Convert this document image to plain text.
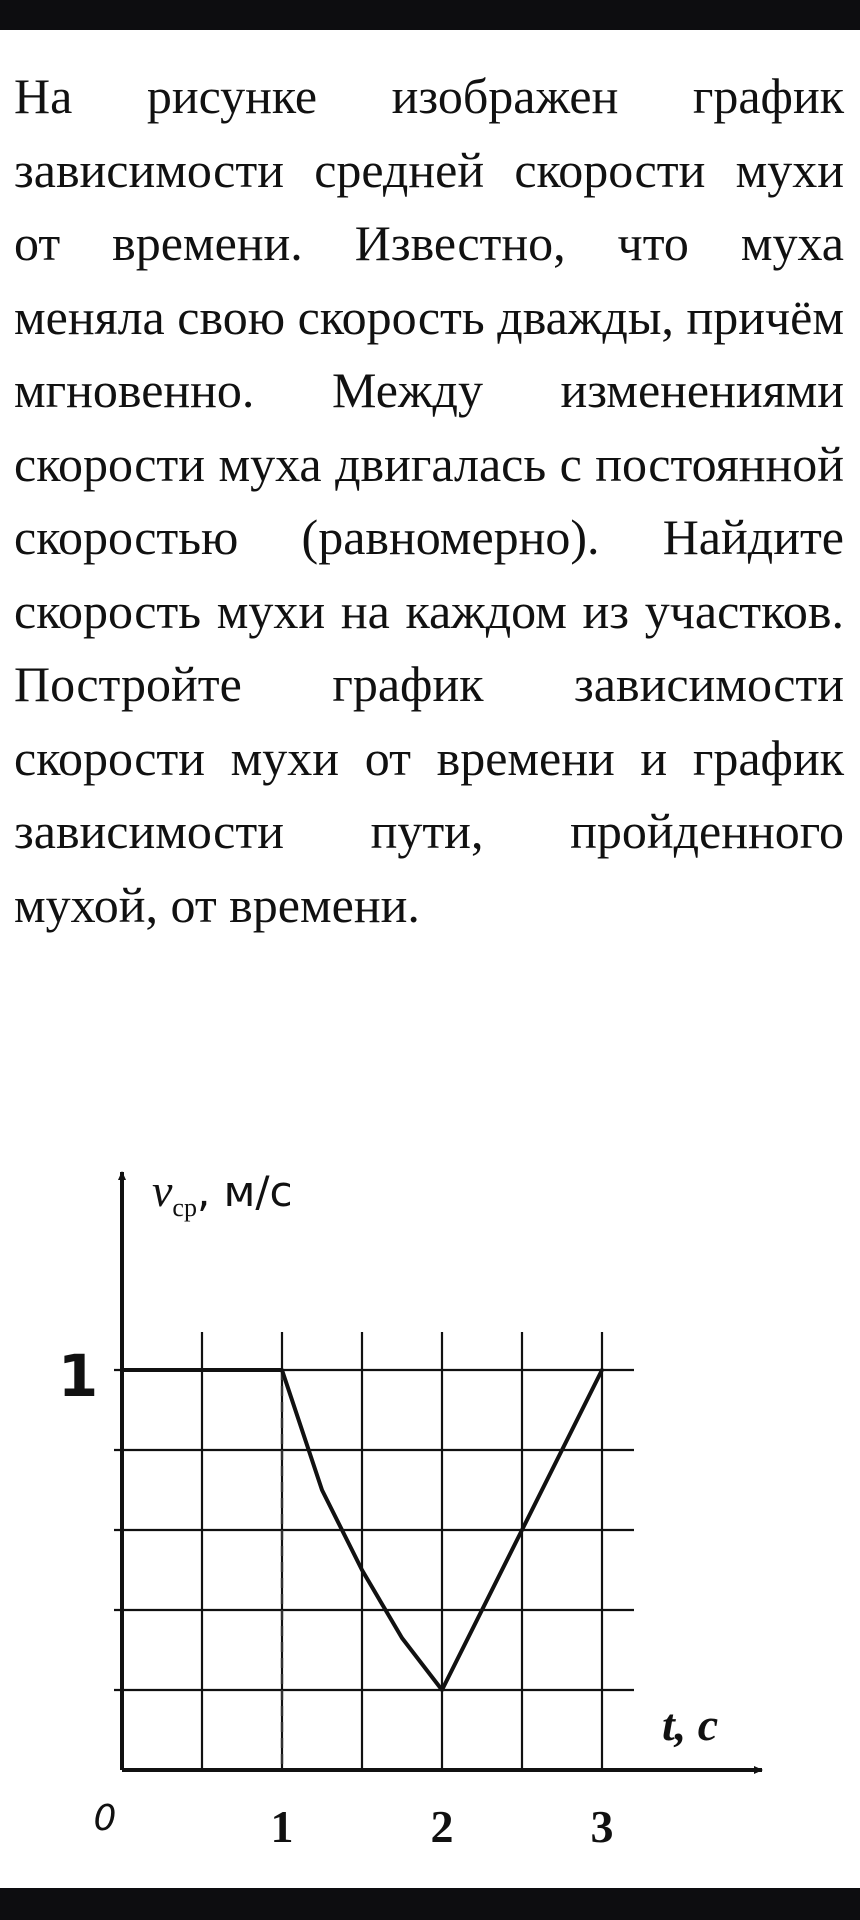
На рисунке изображен график зависимости средней скорости мухи от времени. Известно, что муха меняла свою скорость дважды, причём мгновенно. Между изменениями скорости муха двигалась с постоянной скоростью (равномерно). Найдите скорость мухи на каждом из участков. Постройте график зависимости скорости мухи от времени и график зависимости пути, пройденного мухой, от времени.

1	2	3
0
1
$v_{ср}$, м/с
t, c
